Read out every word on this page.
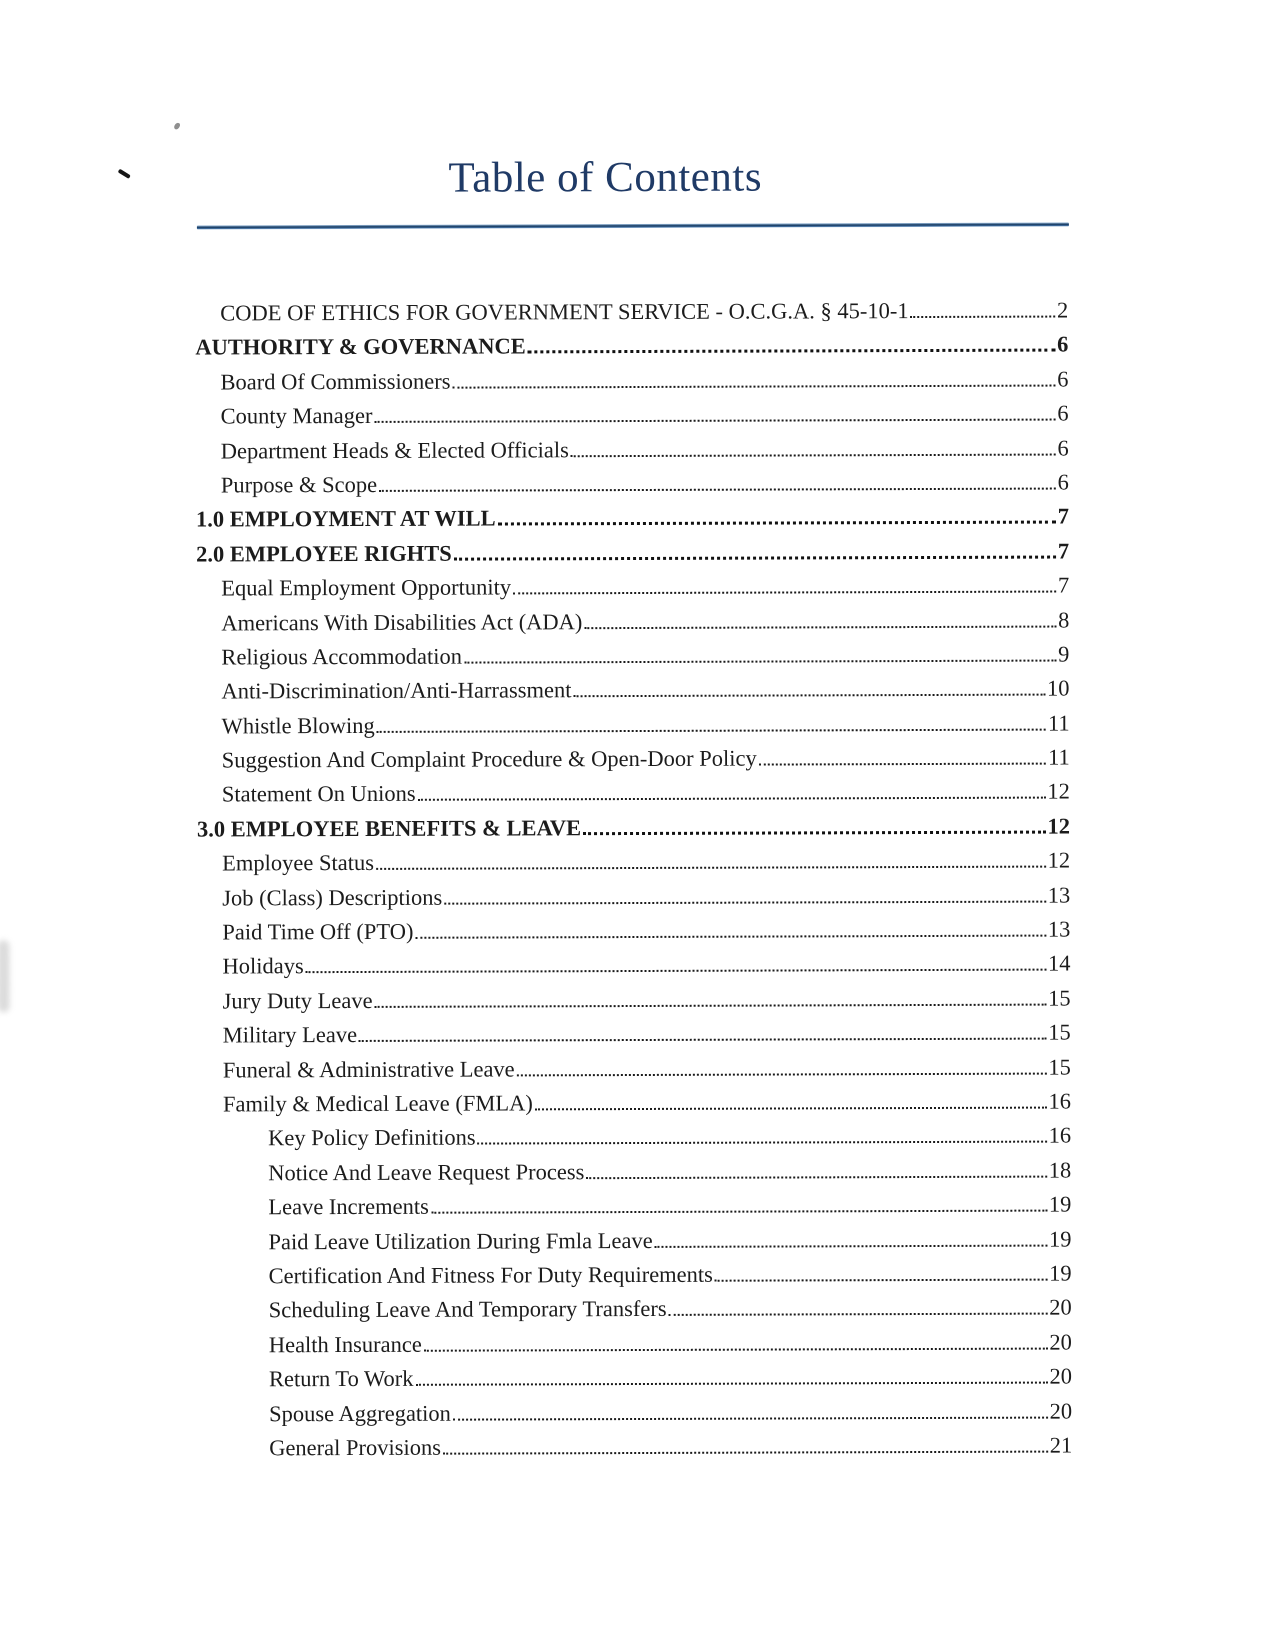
Table of Contents
CODE OF ETHICS FOR GOVERNMENT SERVICE - O.C.G.A. § 45-10-1	2
AUTHORITY & GOVERNANCE	6
Board Of Commissioners	6
County Manager	6
Department Heads & Elected Officials	6
Purpose & Scope	6
1.0 EMPLOYMENT AT WILL	7
2.0 EMPLOYEE RIGHTS	7
Equal Employment Opportunity	7
Americans With Disabilities Act (ADA)	8
Religious Accommodation	9
Anti-Discrimination/Anti-Harrassment	10
Whistle Blowing	11
Suggestion And Complaint Procedure & Open-Door Policy	11
Statement On Unions	12
3.0 EMPLOYEE BENEFITS & LEAVE	12
Employee Status	12
Job (Class) Descriptions	13
Paid Time Off (PTO)	13
Holidays	14
Jury Duty Leave	15
Military Leave	15
Funeral & Administrative Leave	15
Family & Medical Leave (FMLA)	16
Key Policy Definitions	16
Notice And Leave Request Process	18
Leave Increments	19
Paid Leave Utilization During Fmla Leave	19
Certification And Fitness For Duty Requirements	19
Scheduling Leave And Temporary Transfers	20
Health Insurance	20
Return To Work	20
Spouse Aggregation	20
General Provisions	21
